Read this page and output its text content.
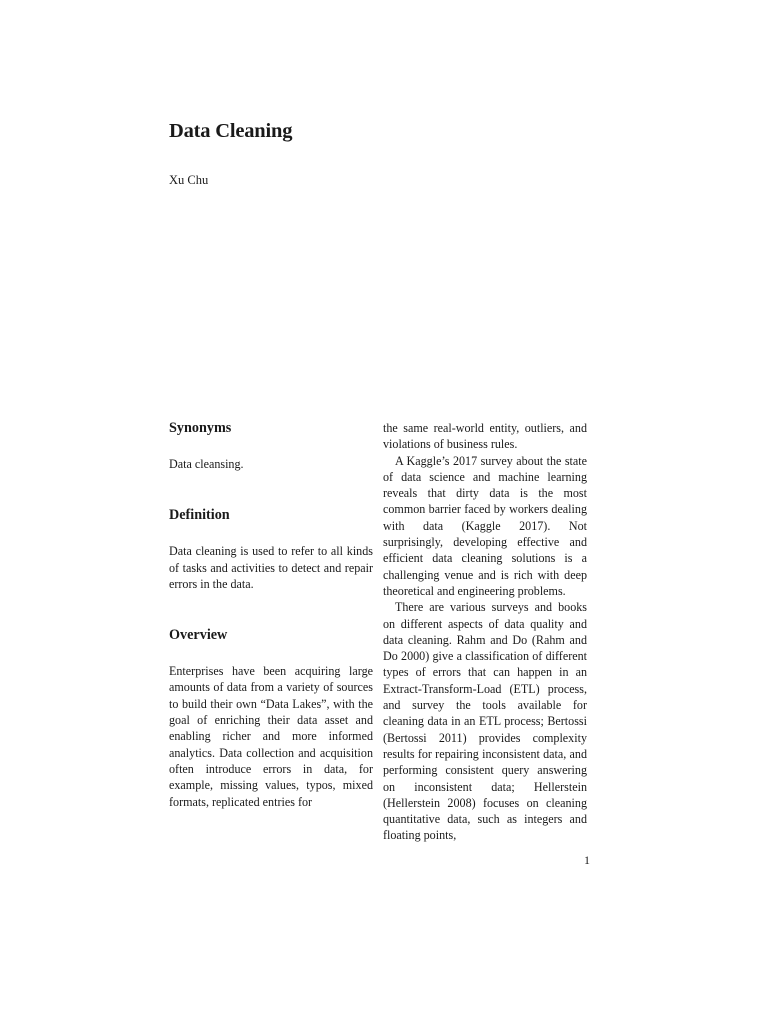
Data Cleaning
Xu Chu
Synonyms

Data cleansing.

Definition

Data cleaning is used to refer to all kinds of tasks and activities to detect and repair errors in the data.

Overview

Enterprises have been acquiring large amounts of data from a variety of sources to build their own “Data Lakes”, with the goal of enriching their data asset and enabling richer and more informed analytics. Data collection and acquisition often introduce errors in data, for example, missing values, typos, mixed formats, replicated entries for

the same real-world entity, outliers, and violations of business rules.

A Kaggle’s 2017 survey about the state of data science and machine learning reveals that dirty data is the most common barrier faced by workers dealing with data (Kaggle 2017). Not surprisingly, developing effective and efficient data cleaning solutions is a challenging venue and is rich with deep theoretical and engineering problems.

There are various surveys and books on different aspects of data quality and data cleaning. Rahm and Do (Rahm and Do 2000) give a classification of different types of errors that can happen in an Extract-Transform-Load (ETL) process, and survey the tools available for cleaning data in an ETL process; Bertossi (Bertossi 2011) provides complexity results for repairing inconsistent data, and performing consistent query answering on inconsistent data; Hellerstein (Hellerstein 2008) focuses on cleaning quantitative data, such as integers and floating points,

1
